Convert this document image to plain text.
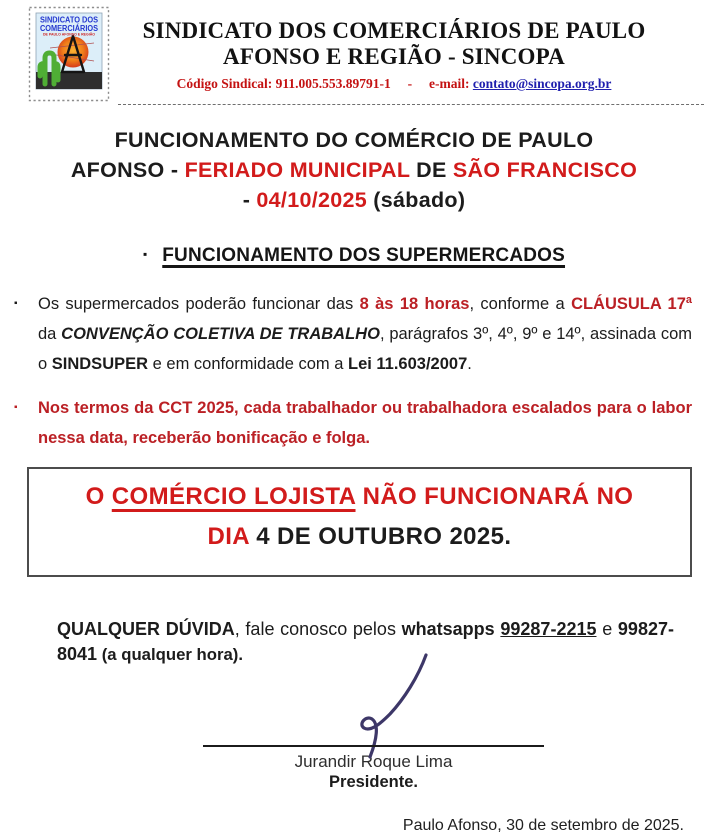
SINDICATO DOS
COMERCIÁRIOS
DE PAULO AFONSO E REGIÃO	SINDICATO DOS COMERCIÁRIOS DE PAULO
AFONSO E REGIÃO - SINCOPA
Código Sindical: 911.005.553.89791-1     -     e-mail: contato@sincopa.org.br
FUNCIONAMENTO DO COMÉRCIO DE PAULO
AFONSO - FERIADO MUNICIPAL DE SÃO FRANCISCO
- 04/10/2025 (sábado)
▪ FUNCIONAMENTO DOS SUPERMERCADOS
▪ Os supermercados poderão funcionar das 8 às 18 horas, conforme a CLÁUSULA 17ª da CONVENÇÃO COLETIVA DE TRABALHO, parágrafos 3º, 4º, 9º e 14º, assinada com o SINDSUPER e em conformidade com a Lei 11.603/2007.
▪ Nos termos da CCT 2025, cada trabalhador ou trabalhadora escalados para o labor nessa data, receberão bonificação e folga.
O COMÉRCIO LOJISTA NÃO FUNCIONARÁ NO
DIA 4 DE OUTUBRO 2025.

QUALQUER DÚVIDA, fale conosco pelos whatsapps 99287-2215 e 99827-8041 (a qualquer hora).

Jurandir Roque Lima
Presidente.
Paulo Afonso, 30 de setembro de 2025.
